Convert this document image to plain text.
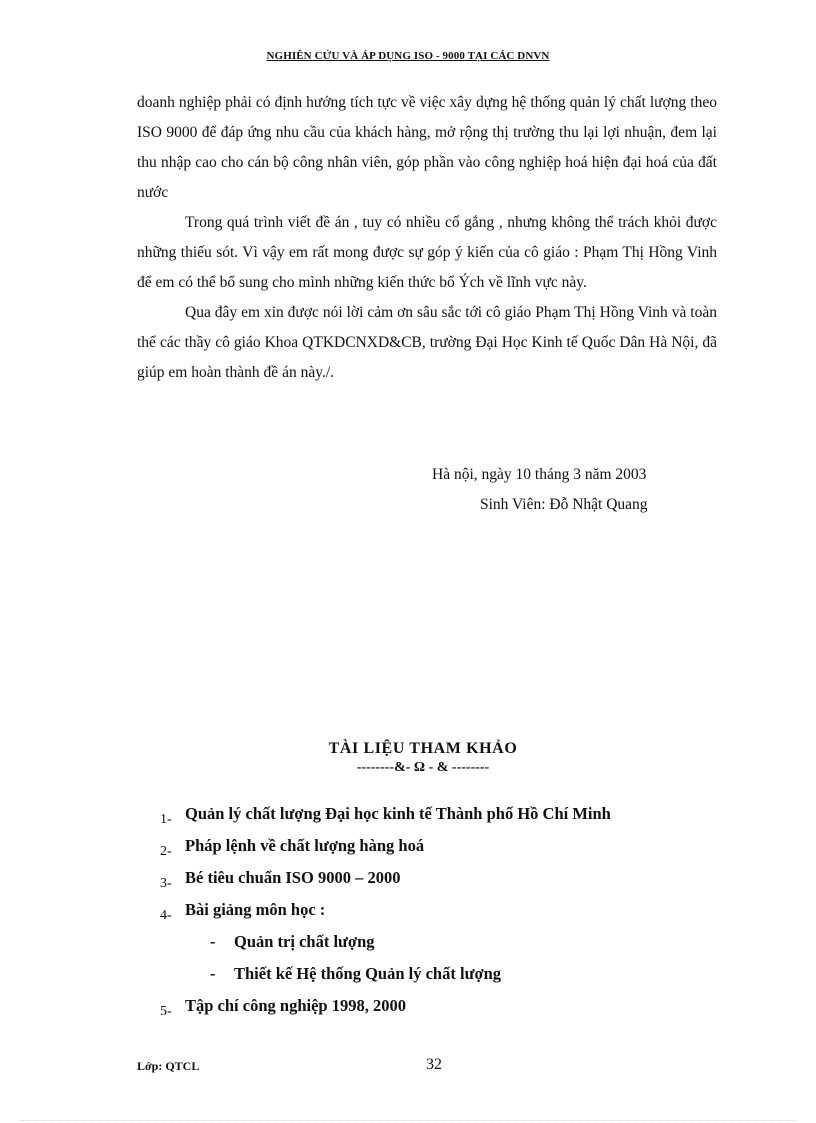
NGHIÊN CỨU VÀ ÁP DỤNG ISO - 9000 TẠI CÁC DNVN

doanh nghiệp phải có định hướng tích tực về việc xây dựng hệ thống quản lý chất lượng theo ISO 9000 để đáp ứng nhu cầu của khách hàng, mở rộng thị trường thu lại lợi nhuận, đem lại thu nhập cao cho cán bộ công nhân viên, góp phần vào công nghiệp hoá hiện đại hoá của đất nước

Trong quá trình viết đề án , tuy có nhiều cố gắng , nhưng không thể trách khỏi được những thiếu sót. Vì vậy em rất mong được sự góp ý kiến của cô giáo : Phạm Thị Hồng Vinh để em có thể bổ sung cho mình những kiến thức bổ Ých về lĩnh vực này.

Qua đây em xin được nói lời cảm ơn sâu sắc tới cô giáo Phạm Thị Hồng Vinh và toàn thể các thầy cô giáo Khoa QTKDCNXD&CB, trường Đại Học Kinh tế Quốc Dân Hà Nội, đã giúp em hoàn thành đề án này./.

Hà nội, ngày 10 tháng 3 năm 2003
Sinh Viên: Đỗ Nhật Quang
TÀI LIỆU THAM KHẢO
--------&- Ω - & --------
1- Quản lý chất lượng Đại học kinh tế Thành phố Hồ Chí Minh
2- Pháp lệnh về chất lượng hàng hoá
3- Bé tiêu chuẩn ISO 9000 – 2000
4- Bài giảng môn học :
- Quản trị chất lượng
- Thiết kế Hệ thống Quản lý chất lượng
5- Tập chí công nghiệp 1998, 2000
Lớp: QTCL	32
